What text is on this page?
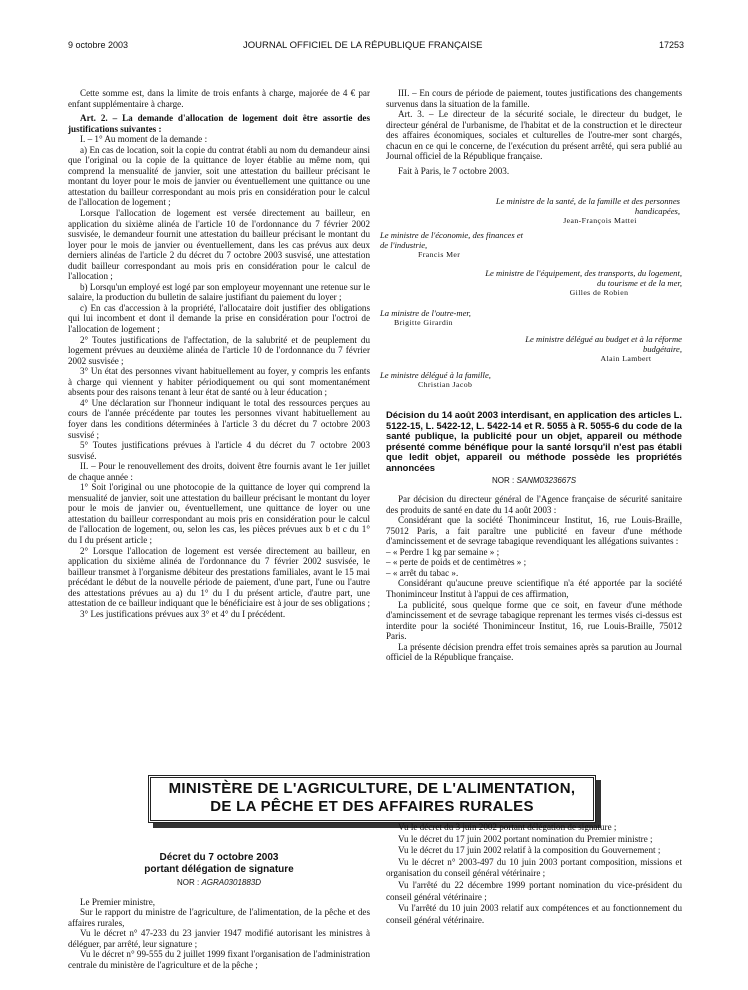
9 octobre 2003	JOURNAL OFFICIEL DE LA RÉPUBLIQUE FRANÇAISE	17253

Cette somme est, dans la limite de trois enfants à charge, majorée de 4 € par enfant supplémentaire à charge.

Art. 2. – La demande d'allocation de logement doit être assortie des justifications suivantes :

I. – 1° Au moment de la demande :

a) En cas de location, soit la copie du contrat établi au nom du demandeur ainsi que l'original ou la copie de la quittance de loyer établie au même nom, qui comprend la mensualité de janvier, soit une attestation du bailleur précisant le montant du loyer pour le mois de janvier ou éventuellement une quittance ou une attestation du bailleur correspondant au mois pris en considération pour le calcul de l'allocation de logement ;

Lorsque l'allocation de logement est versée directement au bailleur, en application du sixième alinéa de l'article 10 de l'ordonnance du 7 février 2002 susvisée, le demandeur fournit une attestation du bailleur précisant le montant du loyer pour le mois de janvier ou éventuellement, dans les cas prévus aux deux derniers alinéas de l'article 2 du décret du 7 octobre 2003 susvisé, une attestation dudit bailleur correspondant au mois pris en considération pour le calcul de l'allocation ;

b) Lorsqu'un employé est logé par son employeur moyennant une retenue sur le salaire, la production du bulletin de salaire justifiant du paiement du loyer ;

c) En cas d'accession à la propriété, l'allocataire doit justifier des obligations qui lui incombent et dont il demande la prise en considération pour l'octroi de l'allocation de logement ;

2° Toutes justifications de l'affectation, de la salubrité et de peuplement du logement prévues au deuxième alinéa de l'article 10 de l'ordonnance du 7 février 2002 susvisée ;

3° Un état des personnes vivant habituellement au foyer, y compris les enfants à charge qui viennent y habiter périodiquement ou qui sont momentanément absents pour des raisons tenant à leur état de santé ou à leur éducation ;

4° Une déclaration sur l'honneur indiquant le total des ressources perçues au cours de l'année précédente par toutes les personnes vivant habituellement au foyer dans les conditions déterminées à l'article 3 du décret du 7 octobre 2003 susvisé ;

5° Toutes justifications prévues à l'article 4 du décret du 7 octobre 2003 susvisé.

II. – Pour le renouvellement des droits, doivent être fournis avant le 1er juillet de chaque année :

1° Soit l'original ou une photocopie de la quittance de loyer qui comprend la mensualité de janvier, soit une attestation du bailleur précisant le montant du loyer pour le mois de janvier ou, éventuellement, une quittance de loyer ou une attestation du bailleur correspondant au mois pris en considération pour le calcul de l'allocation de logement, ou, selon les cas, les pièces prévues aux b et c du 1° du I du présent article ;

2° Lorsque l'allocation de logement est versée directement au bailleur, en application du sixième alinéa de l'ordonnance du 7 février 2002 susvisée, le bailleur transmet à l'organisme débiteur des prestations familiales, avant le 15 mai précédant le début de la nouvelle période de paiement, d'une part, l'une ou l'autre des attestations prévues au a) du 1° du I du présent article, d'autre part, une attestation de ce bailleur indiquant que le bénéficiaire est à jour de ses obligations ;

3° Les justifications prévues aux 3° et 4° du I précédent.

III. – En cours de période de paiement, toutes justifications des changements survenus dans la situation de la famille.

Art. 3. – Le directeur de la sécurité sociale, le directeur du budget, le directeur général de l'urbanisme, de l'habitat et de la construction et le directeur des affaires économiques, sociales et culturelles de l'outre-mer sont chargés, chacun en ce qui le concerne, de l'exécution du présent arrêté, qui sera publié au Journal officiel de la République française.

Fait à Paris, le 7 octobre 2003.

Le ministre de la santé, de la famille et des personnes handicapées,
Jean-François Mattei
Le ministre de l'économie, des finances et de l'industrie,
Francis Mer
Le ministre de l'équipement, des transports, du logement, du tourisme et de la mer,
Gilles de Robien
La ministre de l'outre-mer,
Brigitte Girardin
Le ministre délégué au budget et à la réforme budgétaire,
Alain Lambert
Le ministre délégué à la famille,
Christian Jacob
Décision du 14 août 2003 interdisant, en application des articles L. 5122-15, L. 5422-12, L. 5422-14 et R. 5055 à R. 5055-6 du code de la santé publique, la publicité pour un objet, appareil ou méthode présenté comme bénéfique pour la santé lorsqu'il n'est pas établi que ledit objet, appareil ou méthode possède les propriétés annoncées
NOR : SANM0323667S

Par décision du directeur général de l'Agence française de sécurité sanitaire des produits de santé en date du 14 août 2003 :

Considérant que la société Thoniminceur Institut, 16, rue Louis-Braille, 75012 Paris, a fait paraître une publicité en faveur d'une méthode d'amincissement et de sevrage tabagique revendiquant les allégations suivantes :

– « Perdre 1 kg par semaine » ;

– « perte de poids et de centimètres » ;

– « arrêt du tabac ».

Considérant qu'aucune preuve scientifique n'a été apportée par la société Thoniminceur Institut à l'appui de ces affirmation,

La publicité, sous quelque forme que ce soit, en faveur d'une méthode d'amincissement et de sevrage tabagique reprenant les termes visés ci-dessus est interdite pour la société Thoniminceur Institut, 16, rue Louis-Braille, 75012 Paris.

La présente décision prendra effet trois semaines après sa parution au Journal officiel de la République française.

MINISTÈRE DE L'AGRICULTURE, DE L'ALIMENTATION,
DE LA PÊCHE ET DES AFFAIRES RURALES
Décret du 7 octobre 2003
portant délégation de signature
NOR : AGRA0301883D

Le Premier ministre,

Sur le rapport du ministre de l'agriculture, de l'alimentation, de la pêche et des affaires rurales,

Vu le décret n° 47-233 du 23 janvier 1947 modifié autorisant les ministres à déléguer, par arrêté, leur signature ;

Vu le décret n° 99-555 du 2 juillet 1999 fixant l'organisation de l'administration centrale du ministère de l'agriculture et de la pêche ;

Vu le décret du 3 juin 2002 portant délégation de signature ;

Vu le décret du 17 juin 2002 portant nomination du Premier ministre ;

Vu le décret du 17 juin 2002 relatif à la composition du Gouvernement ;

Vu le décret n° 2003-497 du 10 juin 2003 portant composition, missions et organisation du conseil général vétérinaire ;

Vu l'arrêté du 22 décembre 1999 portant nomination du vice-président du conseil général vétérinaire ;

Vu l'arrêté du 10 juin 2003 relatif aux compétences et au fonctionnement du conseil général vétérinaire.
